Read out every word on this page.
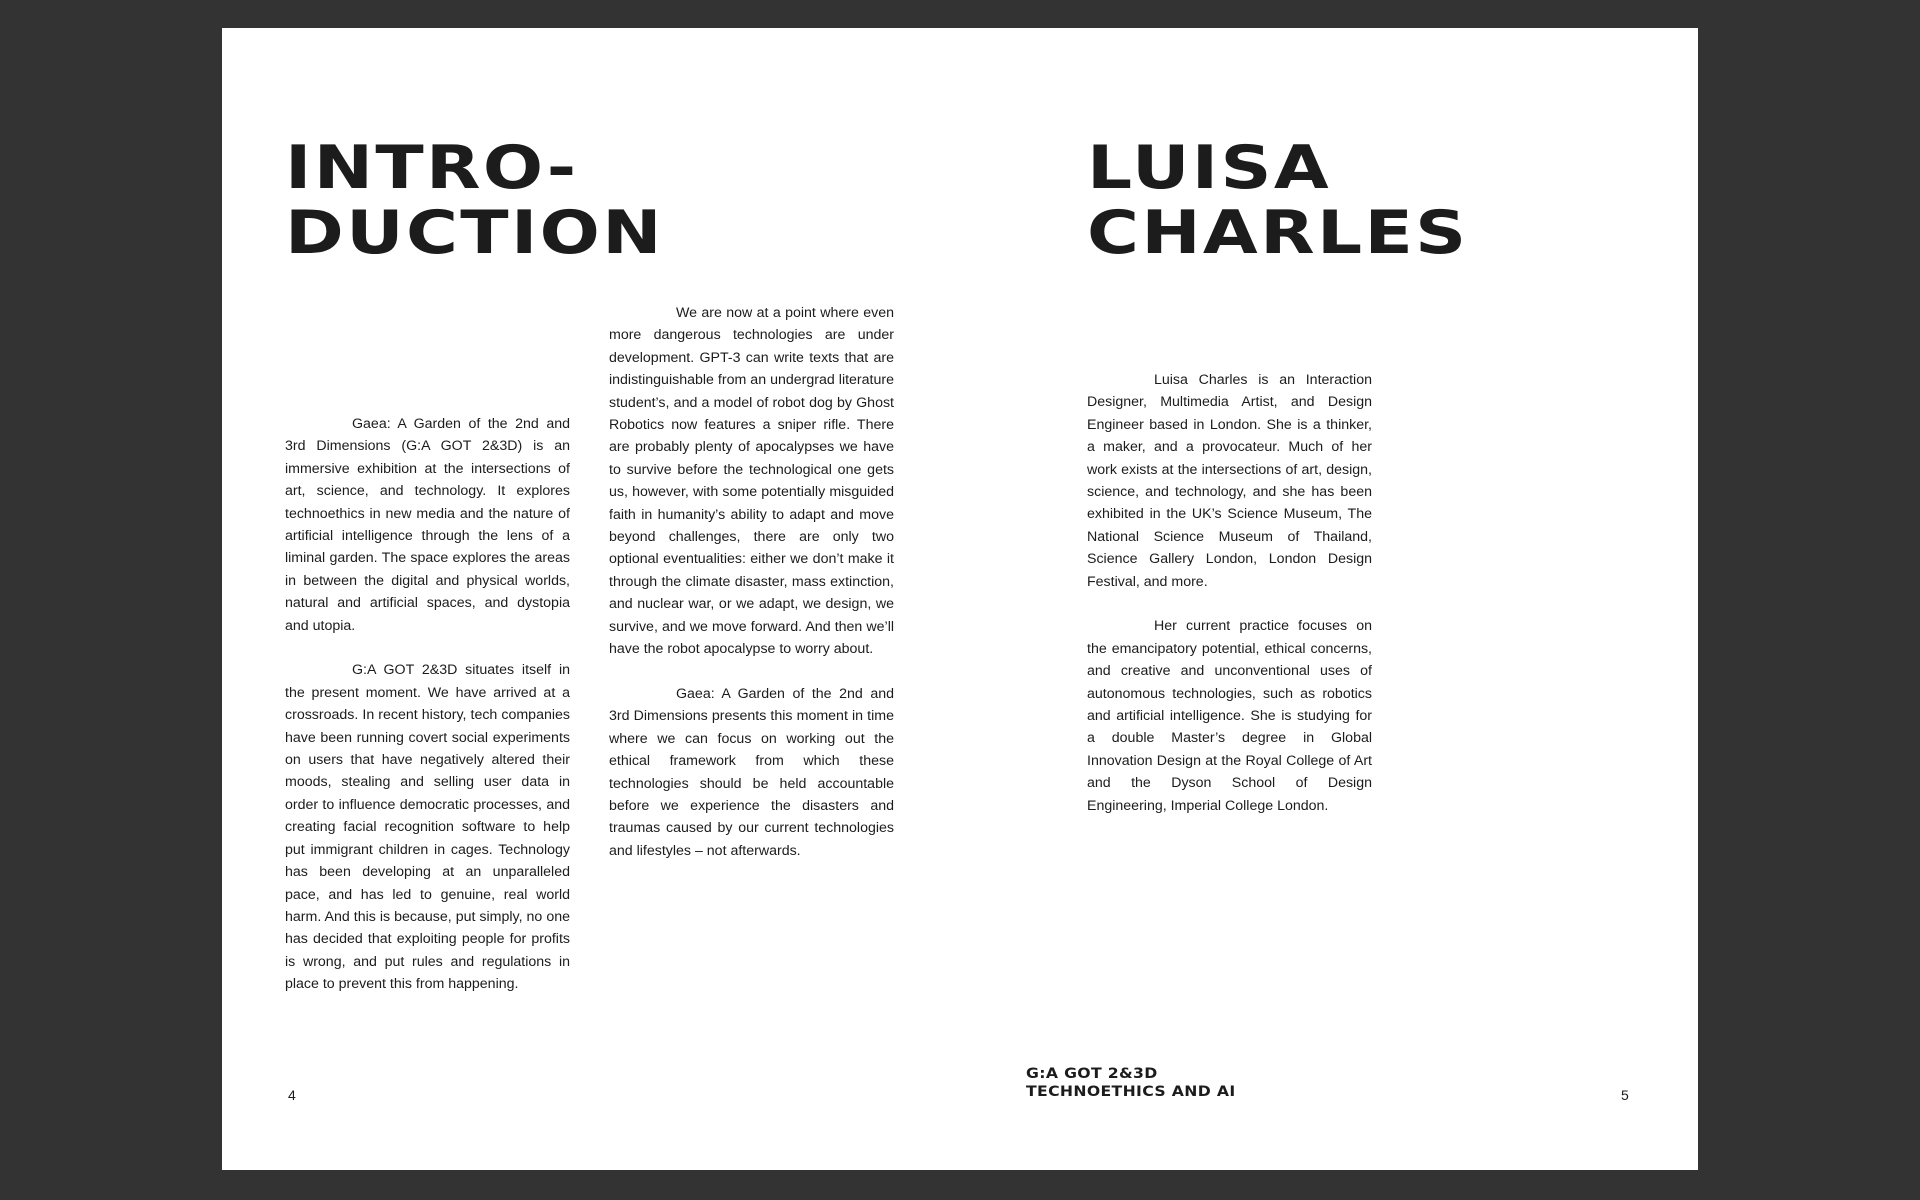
INTRO-
DUCTION

Gaea: A Garden of the 2nd and 3rd Dimensions (G:A GOT 2&3D) is an immersive exhibition at the intersections of art, science, and technology. It explores technoethics in new media and the nature of artificial intelligence through the lens of a liminal garden. The space explores the areas in between the digital and physical worlds, natural and artificial spaces, and dystopia and utopia.

G:A GOT 2&3D situates itself in the present moment. We have arrived at a crossroads. In recent history, tech companies have been running covert social experiments on users that have negatively altered their moods, stealing and selling user data in order to influence democratic processes, and creating facial recognition software to help put immigrant children in cages. Technology has been developing at an unparalleled pace, and has led to genuine, real world harm. And this is because, put simply, no one has decided that exploiting people for profits is wrong, and put rules and regulations in place to prevent this from happening.

We are now at a point where even more dangerous technologies are under development. GPT-3 can write texts that are indistinguishable from an undergrad literature student’s, and a model of robot dog by Ghost Robotics now features a sniper rifle. There are probably plenty of apocalypses we have to survive before the technological one gets us, however, with some potentially misguided faith in humanity’s ability to adapt and move beyond challenges, there are only two optional eventualities: either we don’t make it through the climate disaster, mass extinction, and nuclear war, or we adapt, we design, we survive, and we move forward. And then we’ll have the robot apocalypse to worry about.

Gaea: A Garden of the 2nd and 3rd Dimensions presents this moment in time where we can focus on working out the ethical framework from which these technologies should be held accountable before we experience the disasters and traumas caused by our current technologies and lifestyles – not afterwards.

4
LUISA
CHARLES

Luisa Charles is an Interaction Designer, Multimedia Artist, and Design Engineer based in London. She is a thinker, a maker, and a provocateur. Much of her work exists at the intersections of art, design, science, and technology, and she has been exhibited in the UK’s Science Museum, The National Science Museum of Thailand, Science Gallery London, London Design Festival, and more.

Her current practice focuses on the emancipatory potential, ethical concerns, and creative and unconventional uses of autonomous technologies, such as robotics and artificial intelligence. She is studying for a double Master’s degree in Global Innovation Design at the Royal College of Art and the Dyson School of Design Engineering, Imperial College London.

G:A GOT 2&3D
TECHNOETHICS AND AI	5
